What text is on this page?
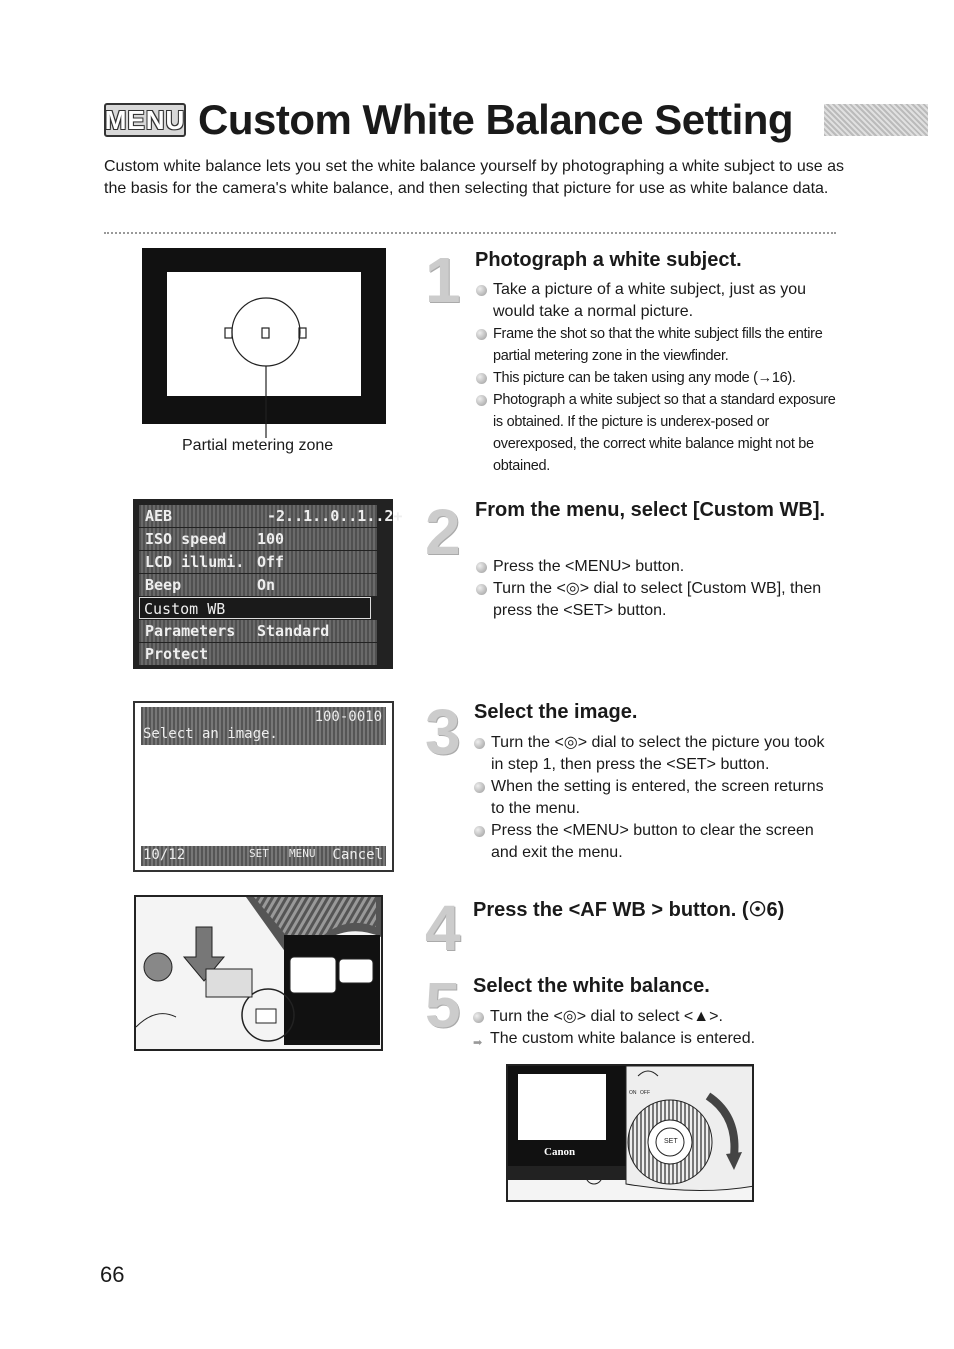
MENU Custom White Balance Setting
Custom white balance lets you set the white balance yourself by photographing a white subject to use as the basis for the camera's white balance, and then selecting that picture for use as white balance data.
Partial metering zone
1 Photograph a white subject.
Take a picture of a white subject, just as you would take a normal picture.
Frame the shot so that the white subject fills the entire partial metering zone in the viewfinder.
This picture can be taken using any mode (→16).
Photograph a white subject so that a standard exposure is obtained. If the picture is underex-posed or overexposed, the correct white balance might not be obtained.
AEB	-2..1..0..1..2+
ISO speed 100
LCD illumi. Off
Beep	On
Custom WB
Parameters Standard
Protect
2 From the menu, select [Custom WB].
Press the <MENU> button.
Turn the <◎> dial to select [Custom WB], then press the <SET> button.
100-0010
Select an image.
10/12	SET MENU Cancel
3 Select the image.
Turn the <◎> dial to select the picture you took in step 1, then press the <SET> button.
When the setting is entered, the screen returns to the menu.
Press the <MENU> button to clear the screen and exit the menu.
4 Press the <AF WB > button. (☉6)
5 Select the white balance.
Turn the <◎> dial to select <▲>.
➡ The custom white balance is entered.
Canon
SET
ON OFF
66
